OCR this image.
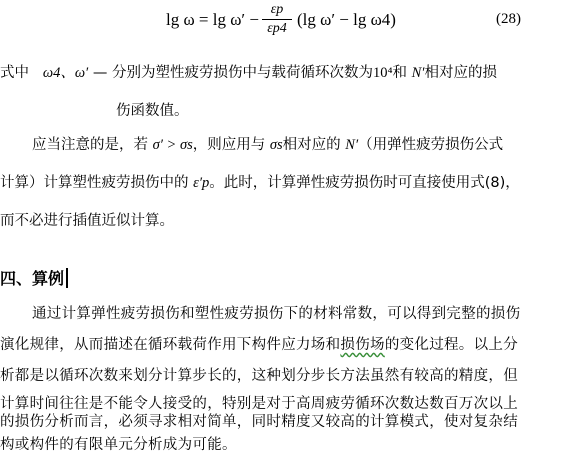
lg ω = lg ω′ −
εp
εp4 (lg ω′ − lg ω4)	(28)
式中 ω4、ω′ — 分别为塑性疲劳损伤中与载荷循环次数为10⁴和 N′相对应的损
伤函数值。
应当注意的是，若 σ′ > σs，则应用与 σs相对应的 N′（用弹性疲劳损伤公式
计算）计算塑性疲劳损伤中的 ε′p。此时，计算弹性疲劳损伤时可直接使用式(8)，
而不必进行插值近似计算。
四、算例
通过计算弹性疲劳损伤和塑性疲劳损伤下的材料常数，可以得到完整的损伤
演化规律，从而描述在循环载荷作用下构件应力场和损伤场的变化过程。以上分
析都是以循环次数来划分计算步长的，这种划分步长方法虽然有较高的精度，但
计算时间往往是不能令人接受的，特别是对于高周疲劳循环次数达数百万次以上
的损伤分析而言，必须寻求相对简单，同时精度又较高的计算模式，使对复杂结
构或构件的有限单元分析成为可能。
